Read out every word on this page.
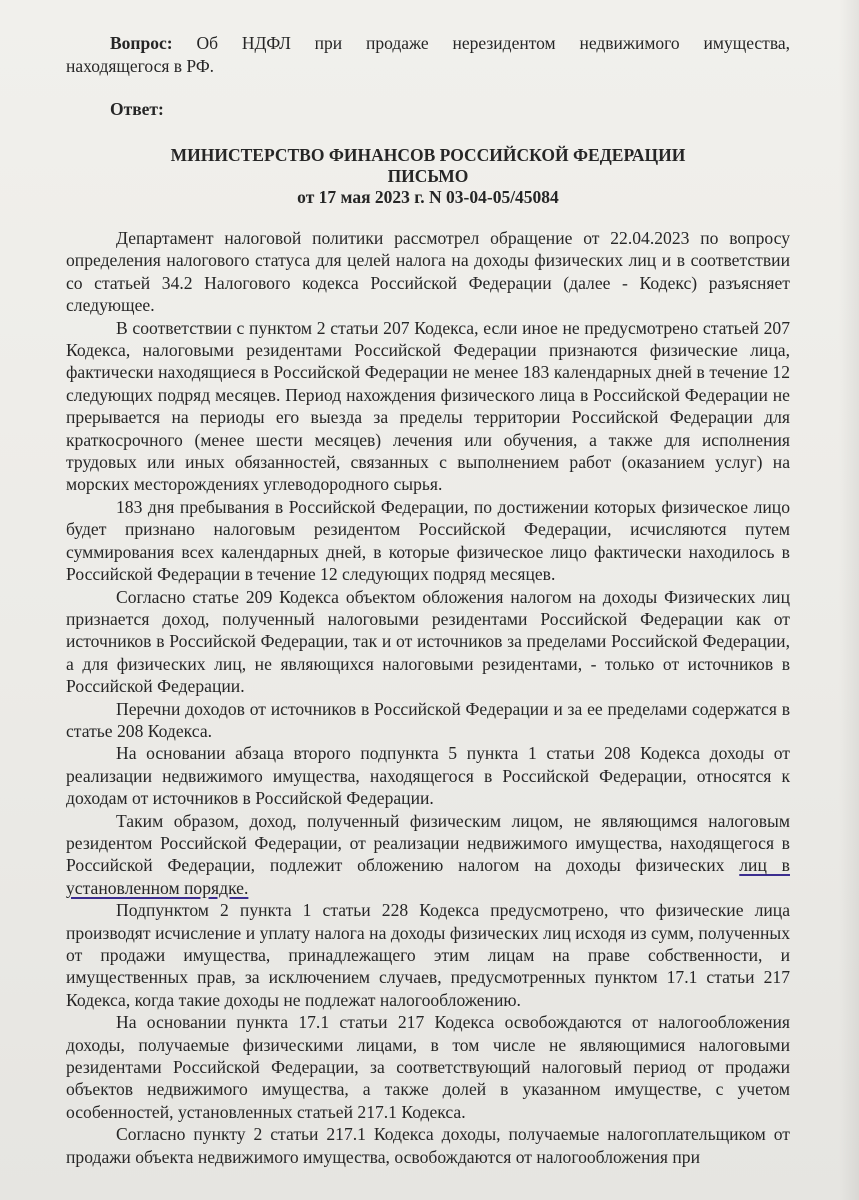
Вопрос: Об НДФЛ при продаже нерезидентом недвижимого имущества,

находящегося в РФ.

Ответ:
МИНИСТЕРСТВО ФИНАНСОВ РОССИЙСКОЙ ФЕДЕРАЦИИ
ПИСЬМО
от 17 мая 2023 г. N 03-04-05/45084

Департамент налоговой политики рассмотрел обращение от 22.04.2023 по вопросу определения налогового статуса для целей налога на доходы физических лиц и в соответствии со статьей 34.2 Налогового кодекса Российской Федерации (далее - Кодекс) разъясняет следующее.

В соответствии с пунктом 2 статьи 207 Кодекса, если иное не предусмотрено статьей 207 Кодекса, налоговыми резидентами Российской Федерации признаются физические лица, фактически находящиеся в Российской Федерации не менее 183 календарных дней в течение 12 следующих подряд месяцев. Период нахождения физического лица в Российской Федерации не прерывается на периоды его выезда за пределы территории Российской Федерации для краткосрочного (менее шести месяцев) лечения или обучения, а также для исполнения трудовых или иных обязанностей, связанных с выполнением работ (оказанием услуг) на морских месторождениях углеводородного сырья.

183 дня пребывания в Российской Федерации, по достижении которых физическое лицо будет признано налоговым резидентом Российской Федерации, исчисляются путем суммирования всех календарных дней, в которые физическое лицо фактически находилось в Российской Федерации в течение 12 следующих подряд месяцев.

Согласно статье 209 Кодекса объектом обложения налогом на доходы Физических лиц признается доход, полученный налоговыми резидентами Российской Федерации как от источников в Российской Федерации, так и от источников за пределами Российской Федерации, а для физических лиц, не являющихся налоговыми резидентами, - только от источников в Российской Федерации.

Перечни доходов от источников в Российской Федерации и за ее пределами содержатся в статье 208 Кодекса.

На основании абзаца второго подпункта 5 пункта 1 статьи 208 Кодекса доходы от реализации недвижимого имущества, находящегося в Российской Федерации, относятся к доходам от источников в Российской Федерации.

Таким образом, доход, полученный физическим лицом, не являющимся налоговым резидентом Российской Федерации, от реализации недвижимого имущества, находящегося в Российской Федерации, подлежит обложению налогом на доходы физических лиц в установленном порядке.

Подпунктом 2 пункта 1 статьи 228 Кодекса предусмотрено, что физические лица производят исчисление и уплату налога на доходы физических лиц исходя из сумм, полученных от продажи имущества, принадлежащего этим лицам на праве собственности, и имущественных прав, за исключением случаев, предусмотренных пунктом 17.1 статьи 217 Кодекса, когда такие доходы не подлежат налогообложению.

На основании пункта 17.1 статьи 217 Кодекса освобождаются от налогообложения доходы, получаемые физическими лицами, в том числе не являющимися налоговыми резидентами Российской Федерации, за соответствующий налоговый период от продажи объектов недвижимого имущества, а также долей в указанном имуществе, с учетом особенностей, установленных статьей 217.1 Кодекса.

Согласно пункту 2 статьи 217.1 Кодекса доходы, получаемые налогоплательщиком от продажи объекта недвижимого имущества, освобождаются от налогообложения при
